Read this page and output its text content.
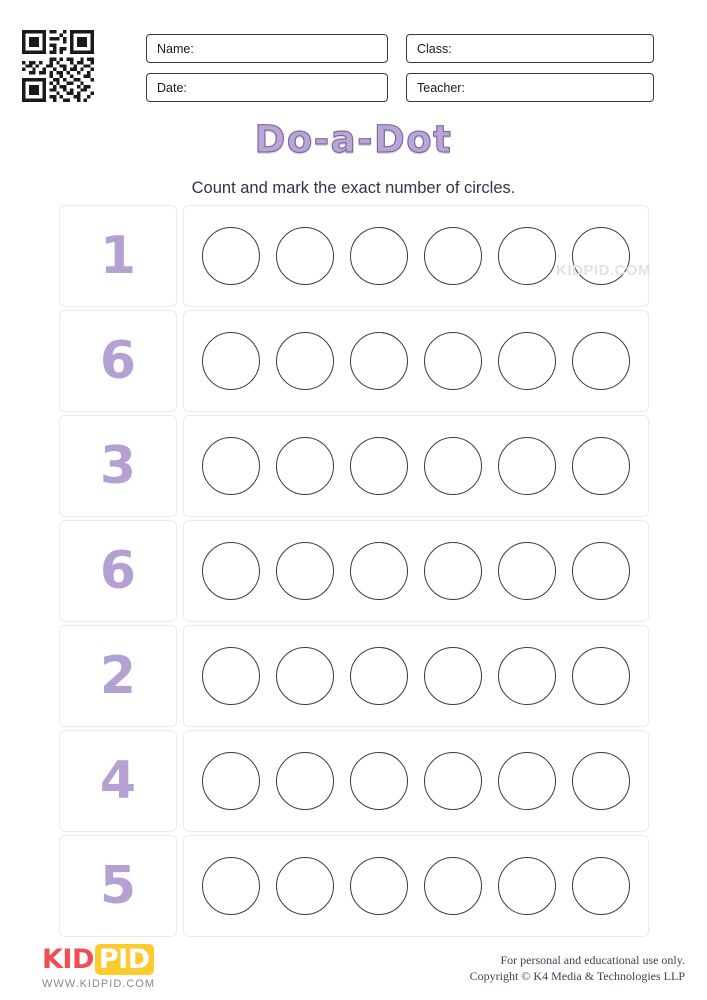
Name:	Class:
Date:	Teacher:
Do-a-Dot
Count and mark the exact number of circles.
1
6
3
6
2
4
5
KIDPID.COM
KID PID
WWW.KIDPID.COM
For personal and educational use only.
Copyright © K4 Media & Technologies LLP
